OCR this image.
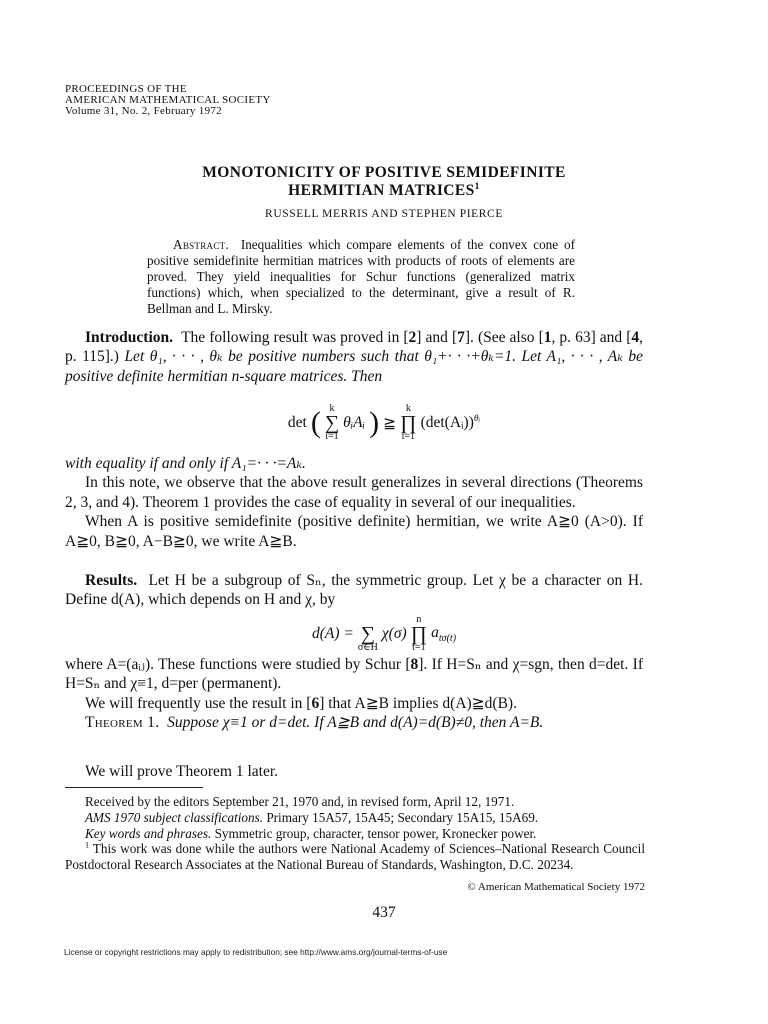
PROCEEDINGS OF THE
AMERICAN MATHEMATICAL SOCIETY
Volume 31, No. 2, February 1972
MONOTONICITY OF POSITIVE SEMIDEFINITE
HERMITIAN MATRICES$^1$
RUSSELL MERRIS AND STEPHEN PIERCE
Abstract. Inequalities which compare elements of the convex cone of positive semidefinite hermitian matrices with products of roots of elements are proved. They yield inequalities for Schur functions (generalized matrix functions) which, when specialized to the determinant, give a result of R. Bellman and L. Mirsky.
Introduction. The following result was proved in [2] and [7]. (See also [1, p. 63] and [4, p. 115].) Let θ₁, · · · , θₖ be positive numbers such that θ₁+· · ·+θₖ=1. Let A₁, · · · , Aₖ be positive definite hermitian n-square matrices. Then
det ( k
∑
i=1
θᵢAᵢ ) ≧
k
∏
i=1
(det(Aᵢ))$^{\theta ᵢ}$
with equality if and only if A₁=· · ·=Aₖ.
In this note, we observe that the above result generalizes in several directions (Theorems 2, 3, and 4). Theorem 1 provides the case of equality in several of our inequalities.
When A is positive semidefinite (positive definite) hermitian, we write A≧0 (A>0). If A≧0, B≧0, A−B≧0, we write A≧B.
Results. Let H be a subgroup of Sₙ, the symmetric group. Let χ be a character on H. Define d(A), which depends on H and χ, by
d(A) =
∑
σ∈H
χ(σ)
n
∏
t=1
$a_{t\sigma(t)}$
where A=(aᵢⱼ). These functions were studied by Schur [8]. If H=Sₙ and χ=sgn, then d=det. If H=Sₙ and χ≡1, d=per (permanent).
We will frequently use the result in [6] that A≧B implies d(A)≧d(B).
Theorem 1. Suppose χ≡1 or d=det. If A≧B and d(A)=d(B)≠0, then A=B.
We will prove Theorem 1 later.
Received by the editors September 21, 1970 and, in revised form, April 12, 1971.
AMS 1970 subject classifications. Primary 15A57, 15A45; Secondary 15A15, 15A69.
Key words and phrases. Symmetric group, character, tensor power, Kronecker power.
$^1$ This work was done while the authors were National Academy of Sciences–National Research Council Postdoctoral Research Associates at the National Bureau of Standards, Washington, D.C. 20234.
© American Mathematical Society 1972
437
License or copyright restrictions may apply to redistribution; see http://www.ams.org/journal-terms-of-use
